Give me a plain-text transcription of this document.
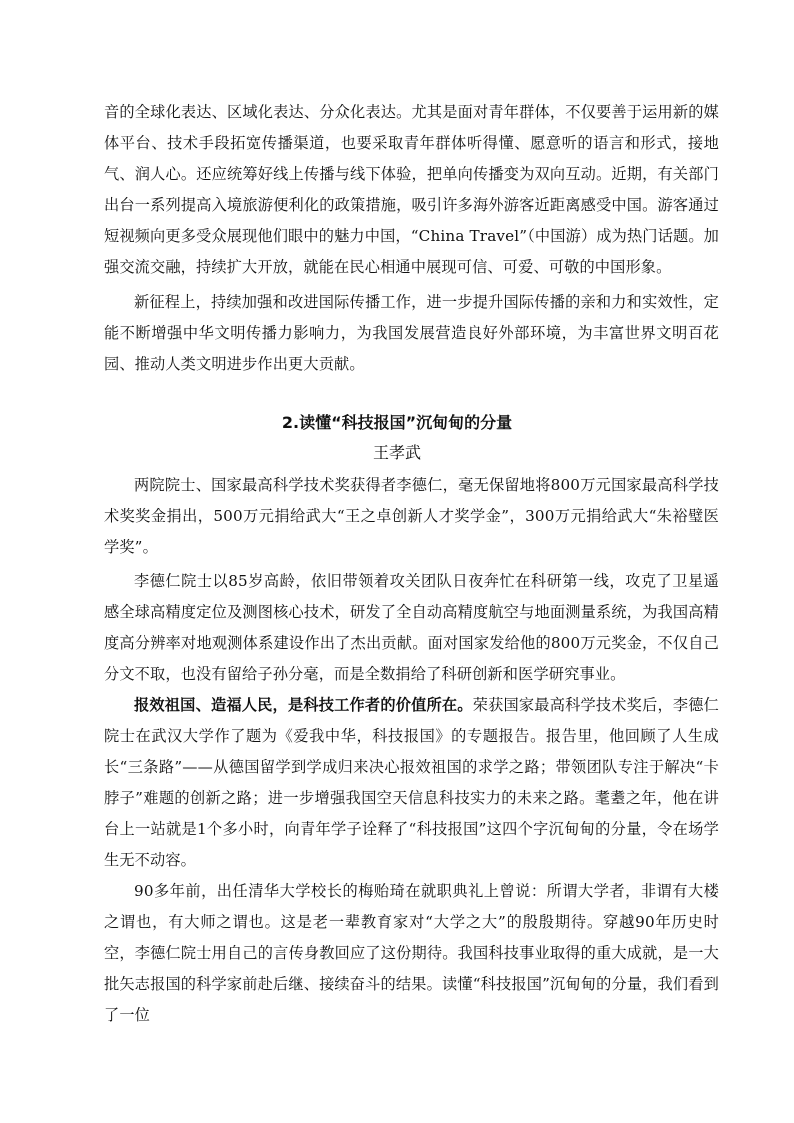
音的全球化表达、区域化表达、分众化表达。尤其是面对青年群体，不仅要善于运用新的媒体平台、技术手段拓宽传播渠道，也要采取青年群体听得懂、愿意听的语言和形式，接地气、润人心。还应统筹好线上传播与线下体验，把单向传播变为双向互动。近期，有关部门出台一系列提高入境旅游便利化的政策措施，吸引许多海外游客近距离感受中国。游客通过短视频向更多受众展现他们眼中的魅力中国，“China Travel”（中国游）成为热门话题。加强交流交融，持续扩大开放，就能在民心相通中展现可信、可爱、可敬的中国形象。

新征程上，持续加强和改进国际传播工作，进一步提升国际传播的亲和力和实效性，定能不断增强中华文明传播力影响力，为我国发展营造良好外部环境，为丰富世界文明百花园、推动人类文明进步作出更大贡献。

2.读懂“科技报国”沉甸甸的分量
王孝武

两院院士、国家最高科学技术奖获得者李德仁，毫无保留地将800万元国家最高科学技术奖奖金捐出，500万元捐给武大“王之卓创新人才奖学金”，300万元捐给武大“朱裕璧医学奖”。

李德仁院士以85岁高龄，依旧带领着攻关团队日夜奔忙在科研第一线，攻克了卫星遥感全球高精度定位及测图核心技术，研发了全自动高精度航空与地面测量系统，为我国高精度高分辨率对地观测体系建设作出了杰出贡献。面对国家发给他的800万元奖金，不仅自己分文不取，也没有留给子孙分毫，而是全数捐给了科研创新和医学研究事业。

报效祖国、造福人民，是科技工作者的价值所在。荣获国家最高科学技术奖后，李德仁院士在武汉大学作了题为《爱我中华，科技报国》的专题报告。报告里，他回顾了人生成长“三条路”——从德国留学到学成归来决心报效祖国的求学之路；带领团队专注于解决“卡脖子”难题的创新之路；进一步增强我国空天信息科技实力的未来之路。耄耋之年，他在讲台上一站就是1个多小时，向青年学子诠释了“科技报国”这四个字沉甸甸的分量，令在场学生无不动容。

90多年前，出任清华大学校长的梅贻琦在就职典礼上曾说：所谓大学者，非谓有大楼之谓也，有大师之谓也。这是老一辈教育家对“大学之大”的殷殷期待。穿越90年历史时空，李德仁院士用自己的言传身教回应了这份期待。我国科技事业取得的重大成就，是一大批矢志报国的科学家前赴后继、接续奋斗的结果。读懂“科技报国”沉甸甸的分量，我们看到了一位
